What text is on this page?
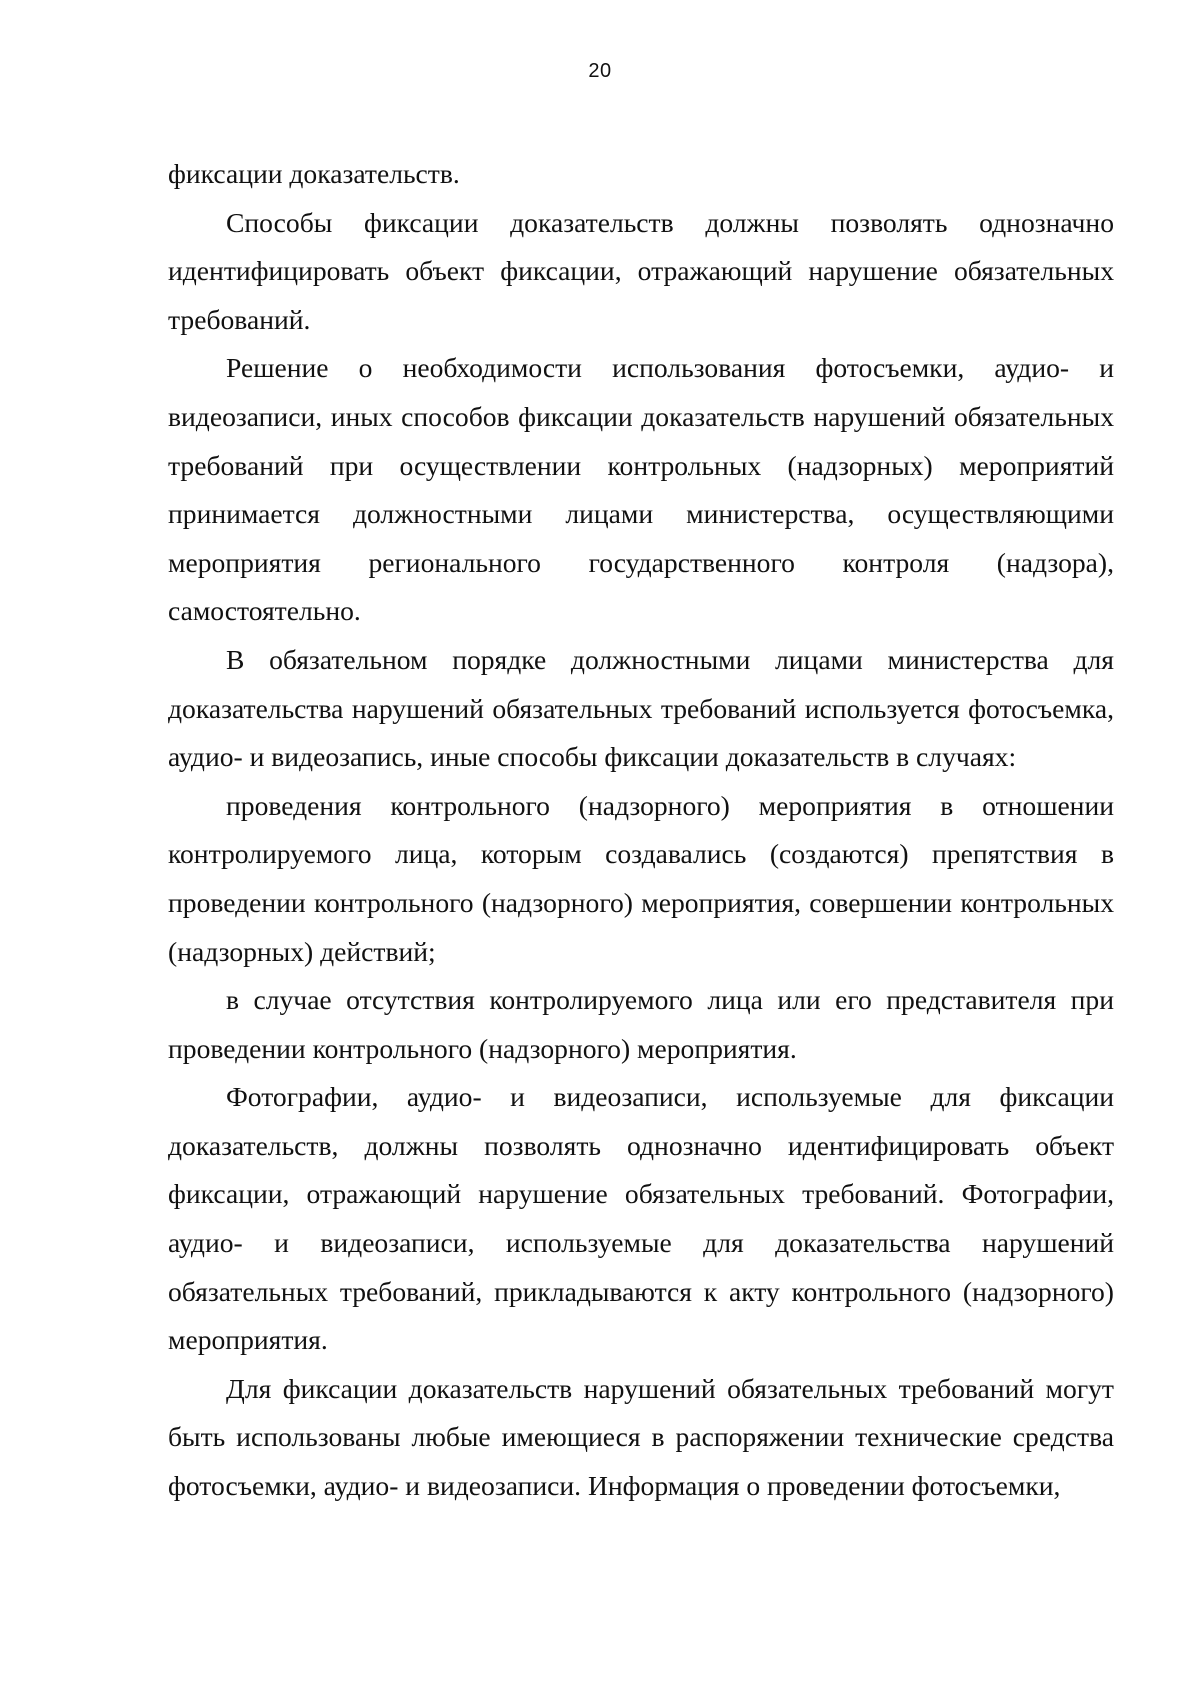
20

фиксации доказательств.

Способы фиксации доказательств должны позволять однозначно идентифицировать объект фиксации, отражающий нарушение обязательных требований.

Решение о необходимости использования фотосъемки, аудио- и видеозаписи, иных способов фиксации доказательств нарушений обязательных требований при осуществлении контрольных (надзорных) мероприятий принимается должностными лицами министерства, осуществляющими мероприятия регионального государственного контроля (надзора), самостоятельно.

В обязательном порядке должностными лицами министерства для доказательства нарушений обязательных требований используется фотосъемка, аудио- и видеозапись, иные способы фиксации доказательств в случаях:

проведения контрольного (надзорного) мероприятия в отношении контролируемого лица, которым создавались (создаются) препятствия в проведении контрольного (надзорного) мероприятия, совершении контрольных (надзорных) действий;

в случае отсутствия контролируемого лица или его представителя при проведении контрольного (надзорного) мероприятия.

Фотографии, аудио- и видеозаписи, используемые для фиксации доказательств, должны позволять однозначно идентифицировать объект фиксации, отражающий нарушение обязательных требований. Фотографии, аудио- и видеозаписи, используемые для доказательства нарушений обязательных требований, прикладываются к акту контрольного (надзорного) мероприятия.

Для фиксации доказательств нарушений обязательных требований могут быть использованы любые имеющиеся в распоряжении технические средства фотосъемки, аудио- и видеозаписи. Информация о проведении фотосъемки,
